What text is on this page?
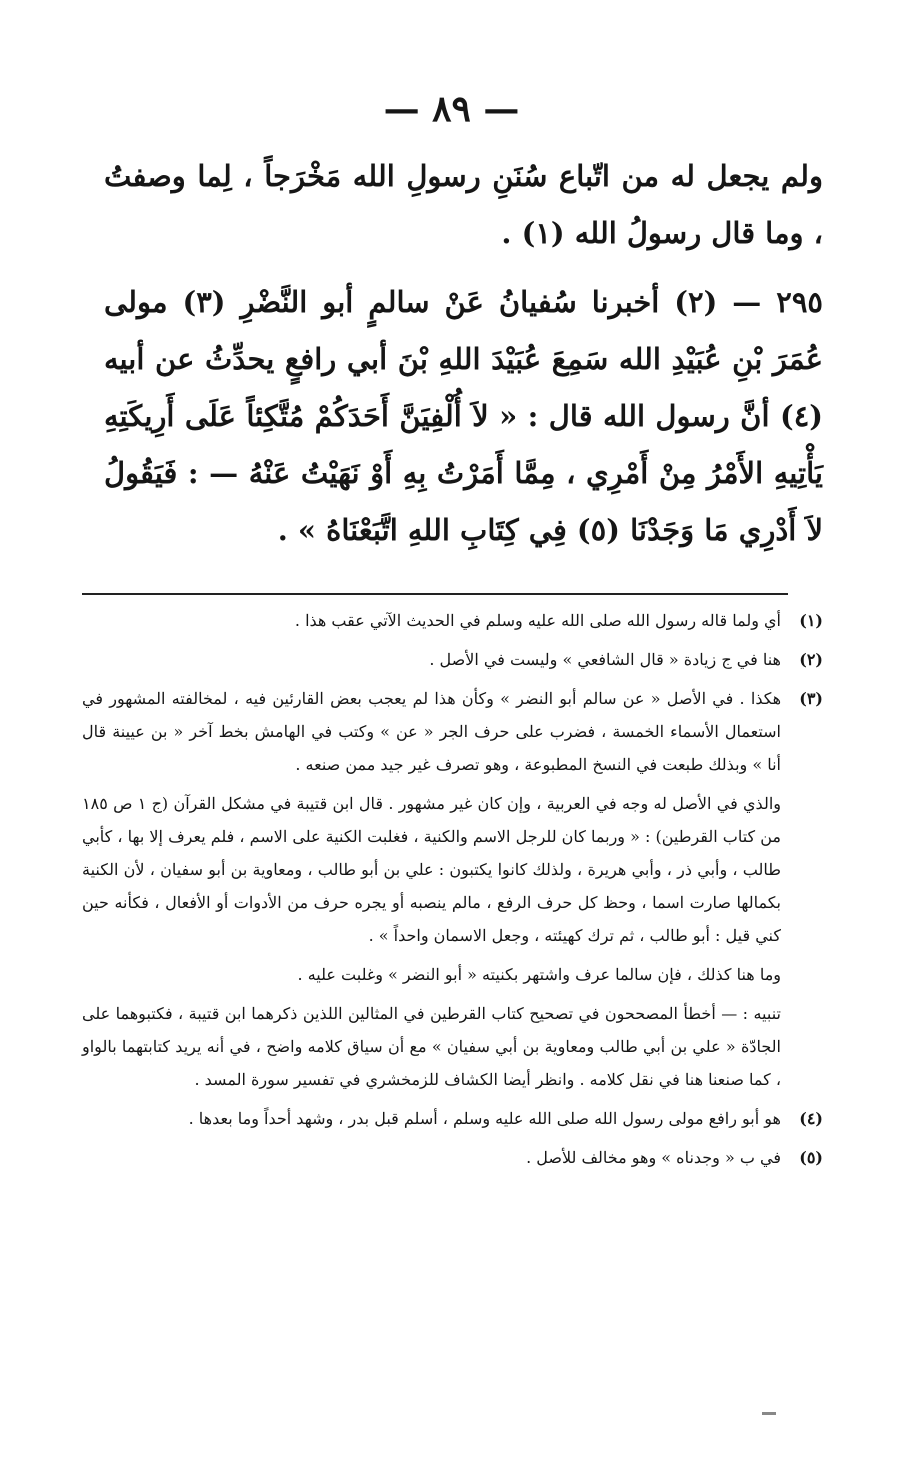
— ٨٩ —

ولم يجعل له من اتّباع سُنَنِ رسولِ الله مَخْرَجاً ، لِما وصفتُ ، وما قال رسولُ الله (١) .

٢٩٥ — (٢) أخبرنا سُفيانُ عَنْ سالمٍ أبو النَّضْرِ (٣) مولى عُمَرَ بْنِ عُبَيْدِ الله سَمِعَ عُبَيْدَ اللهِ بْنَ أبي رافعٍ يحدِّثُ عن أبيه (٤) أنَّ رسول الله قال : « لاَ أُلْفِيَنَّ أَحَدَكُمْ مُتَّكِئاً عَلَى أَرِيكَتِهِ يَأْتِيهِ الأَمْرُ مِنْ أَمْرِي ، مِمَّا أَمَرْتُ بِهِ أَوْ نَهَيْتُ عَنْهُ — : فَيَقُولُ لاَ أَدْرِي مَا وَجَدْنَا (٥) فِي كِتَابِ اللهِ اتَّبَعْنَاهُ » .

(١)

أي ولما قاله رسول الله صلى الله عليه وسلم في الحديث الآتي عقب هذا .

(٢)

هنا في ج زيادة « قال الشافعي » وليست في الأصل .

(٣)

هكذا . في الأصل « عن سالم أبو النضر » وكأن هذا لم يعجب بعض القارئين فيه ، لمخالفته المشهور في استعمال الأسماء الخمسة ، فضرب على حرف الجر « عن » وكتب في الهامش بخط آخر « بن عيينة قال أنا » وبذلك طبعت في النسخ المطبوعة ، وهو تصرف غير جيد ممن صنعه .

والذي في الأصل له وجه في العربية ، وإن كان غير مشهور . قال ابن قتيبة في مشكل القرآن (ج ١ ص ١٨٥ من كتاب القرطين) : « وربما كان للرجل الاسم والكنية ، فغلبت الكنية على الاسم ، فلم يعرف إلا بها ، كأبي طالب ، وأبي ذر ، وأبي هريرة ، ولذلك كانوا يكتبون : علي بن أبو طالب ، ومعاوية بن أبو سفيان ، لأن الكنية بكمالها صارت اسما ، وحظ كل حرف الرفع ، مالم ينصبه أو يجره حرف من الأدوات أو الأفعال ، فكأنه حين كني قيل : أبو طالب ، ثم ترك كهيئته ، وجعل الاسمان واحداً » .

وما هنا كذلك ، فإن سالما عرف واشتهر بكنيته « أبو النضر » وغلبت عليه .

تنبيه : — أخطأ المصححون في تصحيح كتاب القرطين في المثالين اللذين ذكرهما ابن قتيبة ، فكتبوهما على الجادّة « علي بن أبي طالب ومعاوية بن أبي سفيان » مع أن سياق كلامه واضح ، في أنه يريد كتابتهما بالواو ، كما صنعنا هنا في نقل كلامه . وانظر أيضا الكشاف للزمخشري في تفسير سورة المسد .

(٤)

هو أبو رافع مولى رسول الله صلى الله عليه وسلم ، أسلم قبل بدر ، وشهد أحداً وما بعدها .

(٥)

في ب « وجدناه » وهو مخالف للأصل .
